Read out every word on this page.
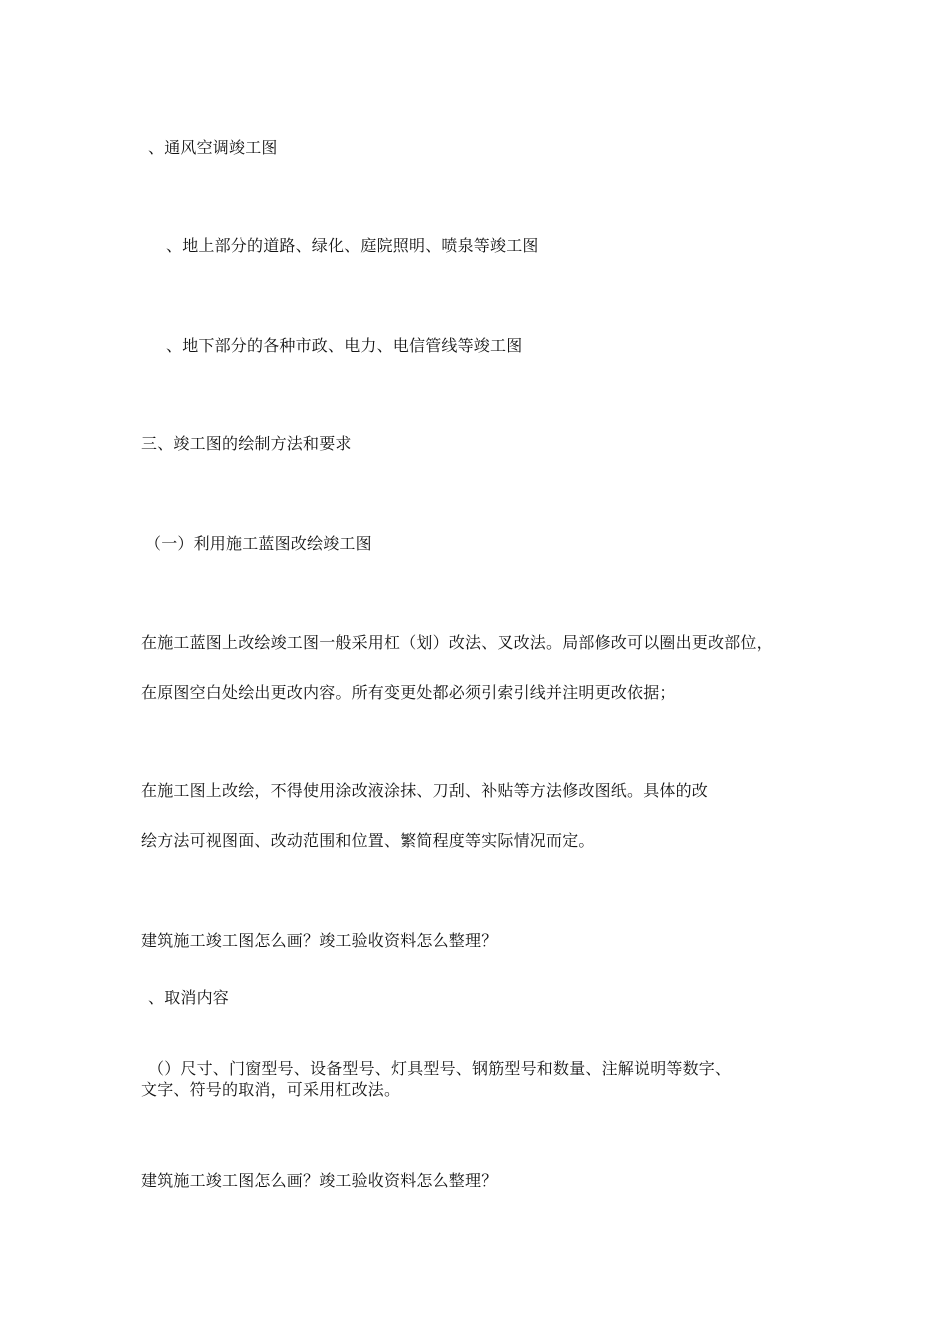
、通风空调竣工图
、地上部分的道路、绿化、庭院照明、喷泉等竣工图
、地下部分的各种市政、电力、电信管线等竣工图
三、竣工图的绘制方法和要求
（一）利用施工蓝图改绘竣工图
在施工蓝图上改绘竣工图一般采用杠（划）改法、叉改法。局部修改可以圈出更改部位，
在原图空白处绘出更改内容。所有变更处都必须引索引线并注明更改依据；
在施工图上改绘，不得使用涂改液涂抹、刀刮、补贴等方法修改图纸。具体的改
绘方法可视图面、改动范围和位置、繁简程度等实际情况而定。
建筑施工竣工图怎么画？竣工验收资料怎么整理？
、取消内容
（）尺寸、门窗型号、设备型号、灯具型号、钢筋型号和数量、注解说明等数字、
文字、符号的取消，可采用杠改法。
建筑施工竣工图怎么画？竣工验收资料怎么整理？
